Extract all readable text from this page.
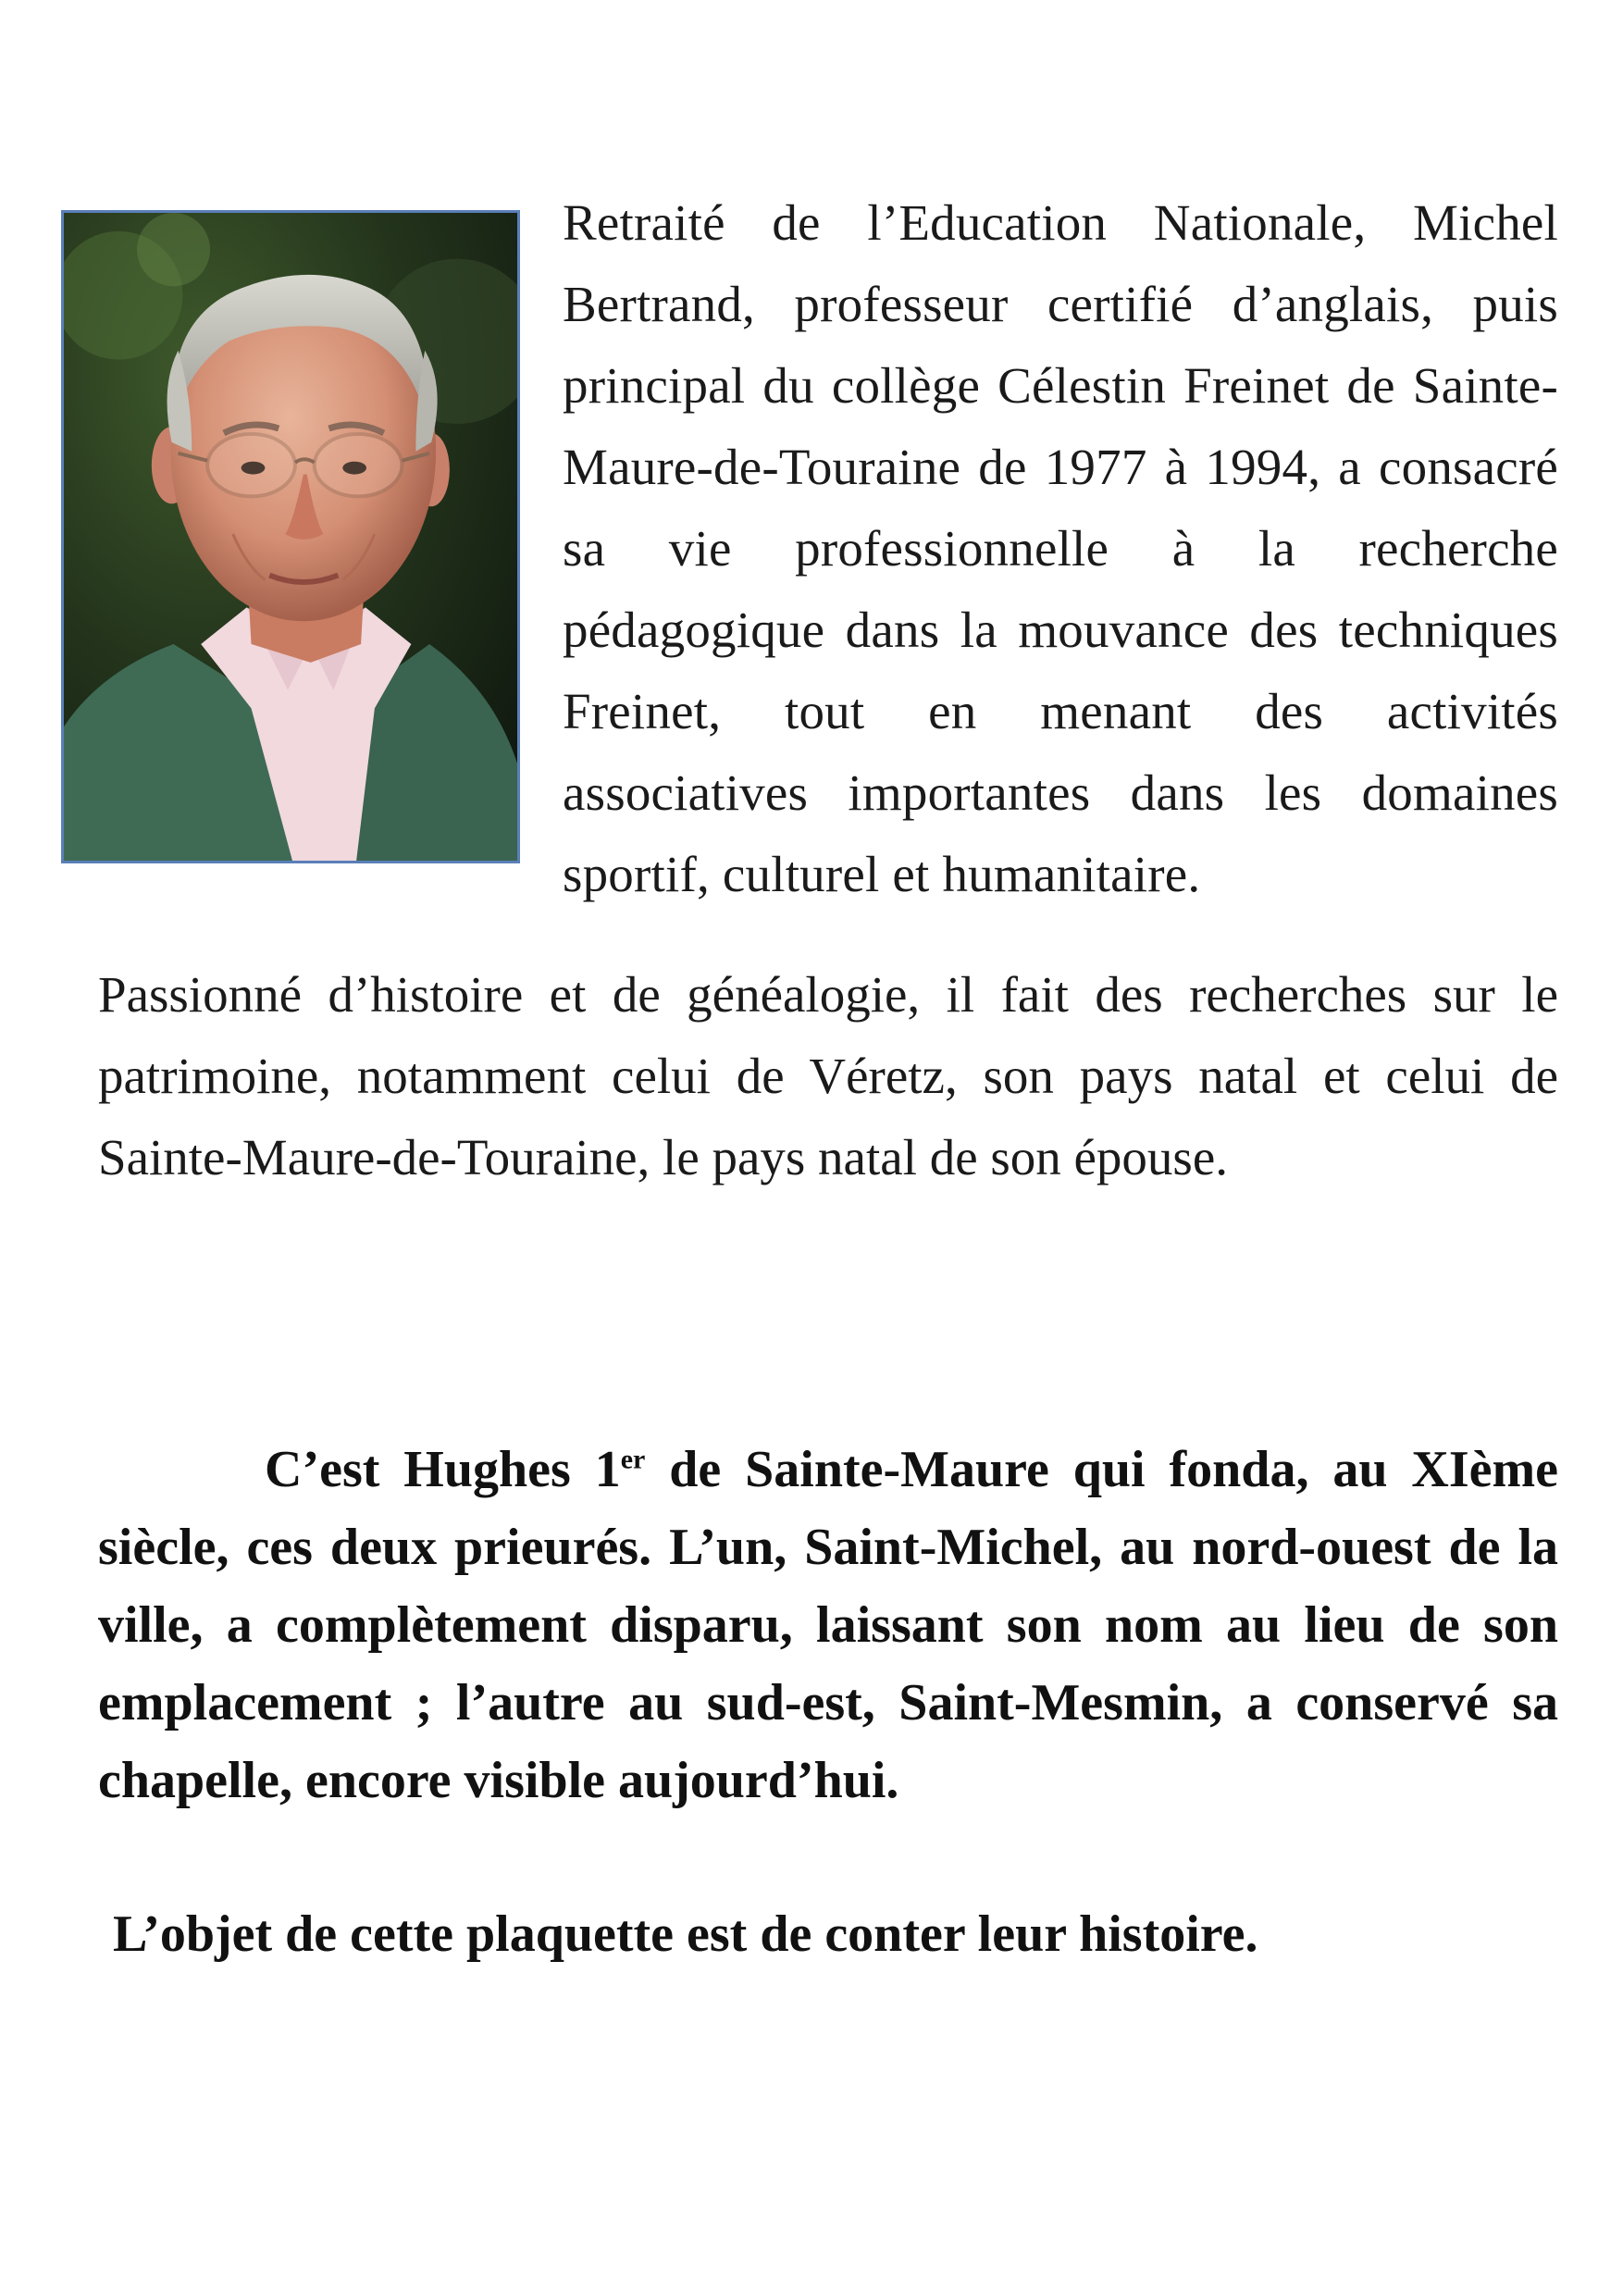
Retraité de l’Education Nationale, Michel Bertrand, professeur certifié d’anglais, puis principal du collège Célestin Freinet de Sainte-Maure-de-Touraine de 1977 à 1994, a consacré sa vie professionnelle à la recherche pédagogique dans la mouvance des techniques Freinet, tout en menant des activités associatives importantes dans les domaines sportif, culturel et humanitaire.

Passionné d’histoire et de généalogie, il fait des recherches sur le patrimoine, notamment celui de Véretz, son pays natal et celui de Sainte-Maure-de-Touraine, le pays natal de son épouse.

C’est Hughes 1er de Sainte-Maure qui fonda, au XIème siècle, ces deux prieurés. L’un, Saint-Michel, au nord-ouest de la ville, a complètement disparu, laissant son nom au lieu de son emplacement ; l’autre au sud-est, Saint-Mesmin, a conservé sa chapelle, encore visible aujourd’hui.

L’objet de cette plaquette est de conter leur histoire.
